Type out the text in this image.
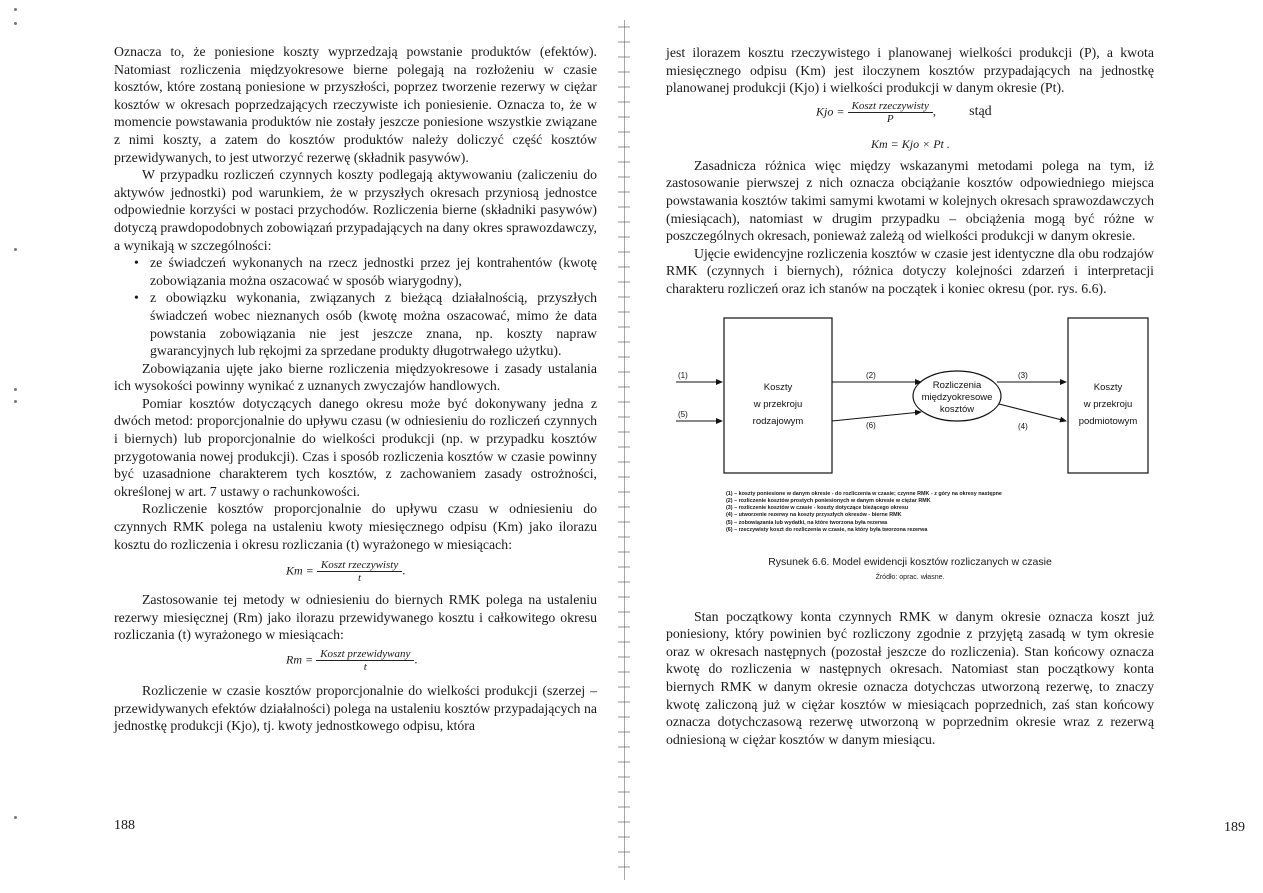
Oznacza to, że poniesione koszty wyprzedzają powstanie produktów (efektów). Natomiast rozliczenia międzyokresowe bierne polegają na rozłożeniu w czasie kosztów, które zostaną poniesione w przyszłości, poprzez tworzenie rezerwy w ciężar kosztów w okresach poprzedzających rzeczywiste ich poniesienie. Oznacza to, że w momencie powstawania produktów nie zostały jeszcze poniesione wszystkie związane z nimi koszty, a zatem do kosztów produktów należy doliczyć część kosztów przewidywanych, to jest utworzyć rezerwę (składnik pasywów).

W przypadku rozliczeń czynnych koszty podlegają aktywowaniu (zaliczeniu do aktywów jednostki) pod warunkiem, że w przyszłych okresach przyniosą jednostce odpowiednie korzyści w postaci przychodów. Rozliczenia bierne (składniki pasywów) dotyczą prawdopodobnych zobowiązań przypadających na dany okres sprawozdawczy, a wynikają w szczególności:

• ze świadczeń wykonanych na rzecz jednostki przez jej kontrahentów (kwotę zobowiązania można oszacować w sposób wiarygodny),
• z obowiązku wykonania, związanych z bieżącą działalnością, przyszłych świadczeń wobec nieznanych osób (kwotę można oszacować, mimo że data powstania zobowiązania nie jest jeszcze znana, np. koszty napraw gwarancyjnych lub rękojmi za sprzedane produkty długotrwałego użytku).

Zobowiązania ujęte jako bierne rozliczenia międzyokresowe i zasady ustalania ich wysokości powinny wynikać z uznanych zwyczajów handlowych.

Pomiar kosztów dotyczących danego okresu może być dokonywany jedna z dwóch metod: proporcjonalnie do upływu czasu (w odniesieniu do rozliczeń czynnych i biernych) lub proporcjonalnie do wielkości produkcji (np. w przypadku kosztów przygotowania nowej produkcji). Czas i sposób rozliczenia kosztów w czasie powinny być uzasadnione charakterem tych kosztów, z zachowaniem zasady ostrożności, określonej w art. 7 ustawy o rachunkowości.

Rozliczenie kosztów proporcjonalnie do upływu czasu w odniesieniu do czynnych RMK polega na ustaleniu kwoty miesięcznego odpisu (Km) jako ilorazu kosztu do rozliczenia i okresu rozliczania (t) wyrażonego w miesiącach:

$Km = \frac{\text{Koszt rzeczywisty}}{t}$ .

Zastosowanie tej metody w odniesieniu do biernych RMK polega na ustaleniu rezerwy miesięcznej (Rm) jako ilorazu przewidywanego kosztu i całkowitego okresu rozliczania (t) wyrażonego w miesiącach:

$Rm = \frac{\text{Koszt przewidywany}}{t}$ .

Rozliczenie w czasie kosztów proporcjonalnie do wielkości produkcji (szerzej – przewidywanych efektów działalności) polega na ustaleniu kosztów przypadających na jednostkę produkcji (Kjo), tj. kwoty jednostkowego odpisu, która

188

jest ilorazem kosztu rzeczywistego i planowanej wielkości produkcji (P), a kwota miesięcznego odpisu (Km) jest iloczynem kosztów przypadających na jednostkę planowanej produkcji (Kjo) i wielkości produkcji w danym okresie (Pt).

Kjo = $\frac{\text{Koszt rzeczywisty}}{P}$ , stąd
Km = Kjo × Pt .

Zasadnicza różnica więc między wskazanymi metodami polega na tym, iż zastosowanie pierwszej z nich oznacza obciążanie kosztów odpowiedniego miejsca powstawania kosztów takimi samymi kwotami w kolejnych okresach sprawozdawczych (miesiącach), natomiast w drugim przypadku – obciążenia mogą być różne w poszczególnych okresach, ponieważ zależą od wielkości produkcji w danym okresie.

Ujęcie ewidencyjne rozliczenia kosztów w czasie jest identyczne dla obu rodzajów RMK (czynnych i biernych), różnica dotyczy kolejności zdarzeń i interpretacji charakteru rozliczeń oraz ich stanów na początek i koniec okresu (por. rys. 6.6).

(1)	(2)	(3)
(4)
(5)
(6)
Koszty
w przekroju
rodzajowym
Rozliczenia
międzyokresowe
kosztów
Koszty
w przekroju
podmiotowym
(1) – koszty poniesione w danym okresie - do rozliczenia w czasie; czynne RMK - z góry na okresy następne
(2) – rozliczenie kosztów prostych poniesionych w danym okresie w ciężar RMK
(3) – rozliczenie kosztów w czasie - koszty dotyczące bieżącego okresu
(4) – utworzenie rezerwy na koszty przyszłych okresów - bierne RMK
(5) – zobowiązania lub wydatki, na które tworzona była rezerwa
(6) – rzeczywisty koszt do rozliczenia w czasie, na który była tworzona rezerwa
Rysunek 6.6. Model ewidencji kosztów rozliczanych w czasie
Źródło: oprac. własne.

Stan początkowy konta czynnych RMK w danym okresie oznacza koszt już poniesiony, który powinien być rozliczony zgodnie z przyjętą zasadą w tym okresie oraz w okresach następnych (pozostał jeszcze do rozliczenia). Stan końcowy oznacza kwotę do rozliczenia w następnych okresach. Natomiast stan początkowy konta biernych RMK w danym okresie oznacza dotychczas utworzoną rezerwę, to znaczy kwotę zaliczoną już w ciężar kosztów w miesiącach poprzednich, zaś stan końcowy oznacza dotychczasową rezerwę utworzoną w poprzednim okresie wraz z rezerwą odniesioną w ciężar kosztów w danym miesiącu.

189
